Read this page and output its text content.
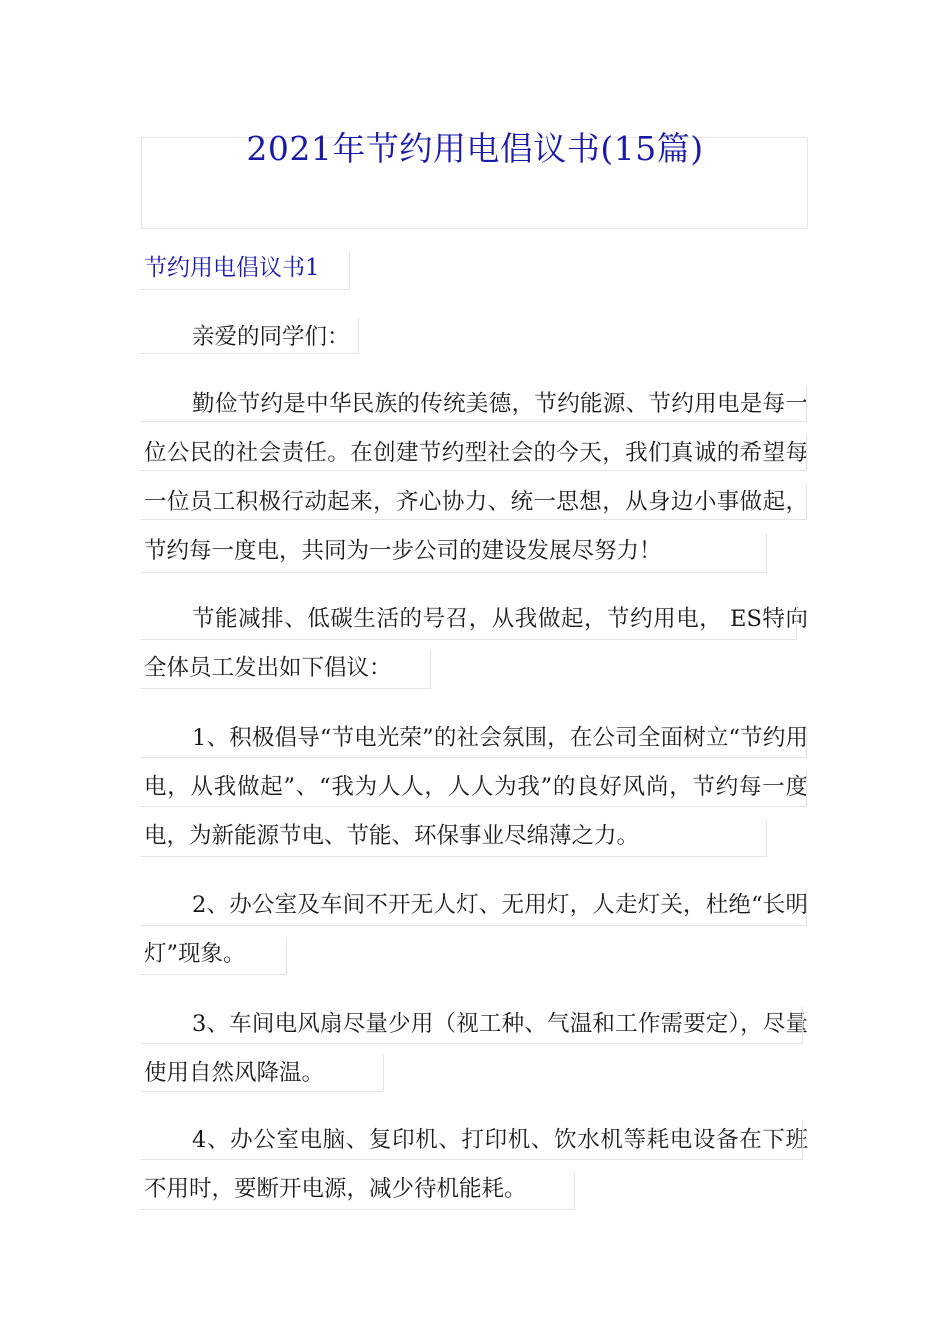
2021年节约用电倡议书(15篇)
节约用电倡议书1

亲爱的同学们：

勤俭节约是中华民族的传统美德，节约能源、节约用电是每一位公民的社会责任。在创建节约型社会的今天，我们真诚的希望每一位员工积极行动起来，齐心协力、统一思想，从身边小事做起，节约每一度电，共同为一步公司的建设发展尽努力！

节能减排、低碳生活的号召，从我做起，节约用电， ES特向全体员工发出如下倡议：

1、积极倡导“节电光荣”的社会氛围，在公司全面树立“节约用电，从我做起”、“我为人人，人人为我”的良好风尚，节约每一度电，为新能源节电、节能、环保事业尽绵薄之力。

2、办公室及车间不开无人灯、无用灯，人走灯关，杜绝“长明灯”现象。

3、车间电风扇尽量少用（视工种、气温和工作需要定），尽量使用自然风降温。

4、办公室电脑、复印机、打印机、饮水机等耗电设备在下班不用时，要断开电源，减少待机能耗。
